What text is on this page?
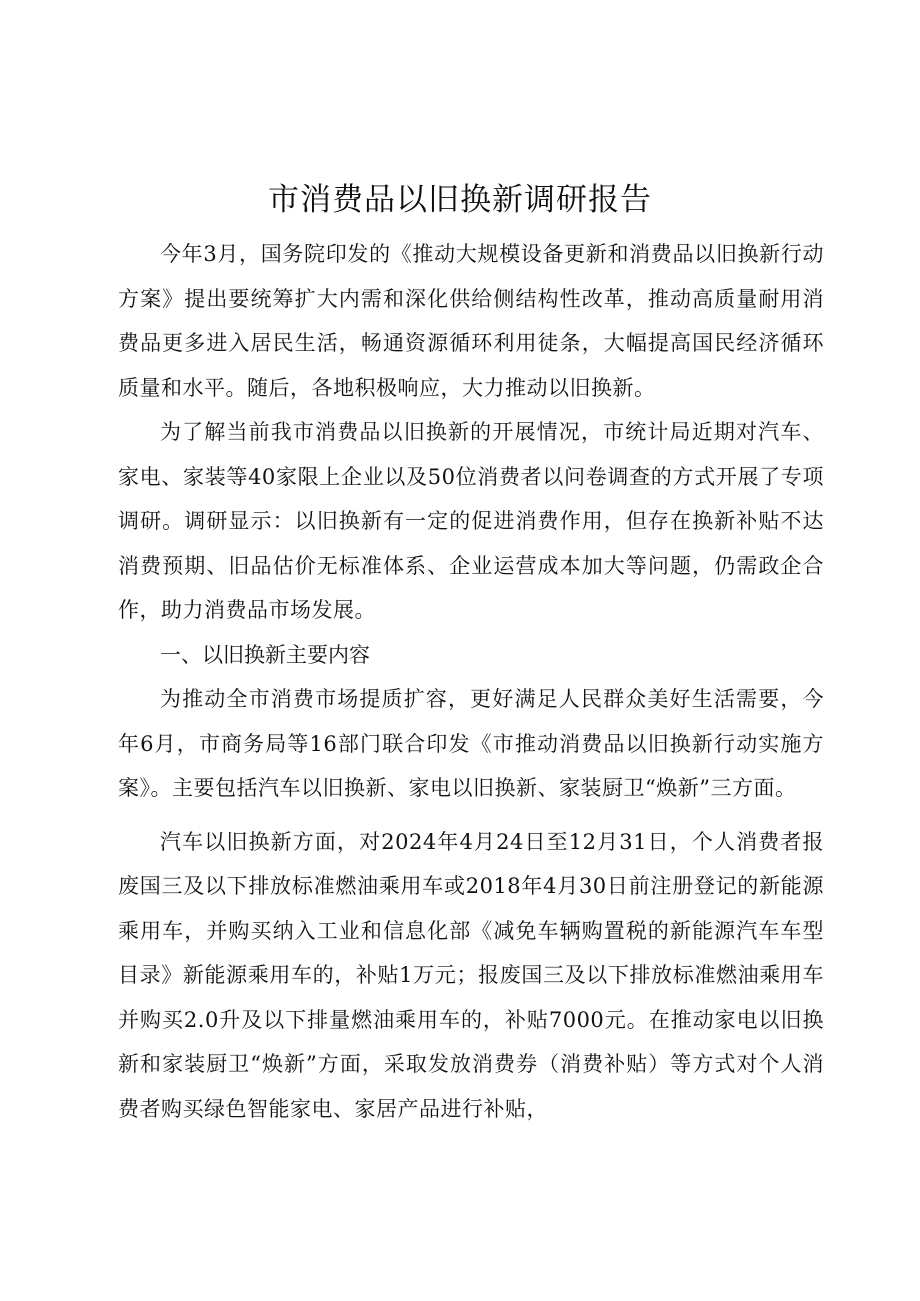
市消费品以旧换新调研报告

今年3月，国务院印发的《推动大规模设备更新和消费品以旧换新行动方案》提出要统筹扩大内需和深化供给侧结构性改革，推动高质量耐用消费品更多进入居民生活，畅通资源循环利用徒条，大幅提高国民经济循环质量和水平。随后，各地积极响应，大力推动以旧换新。

为了解当前我市消费品以旧换新的开展情况，市统计局近期对汽车、家电、家装等40家限上企业以及50位消费者以问卷调查的方式开展了专项调研。调研显示：以旧换新有一定的促进消费作用，但存在换新补贴不达消费预期、旧品估价无标准体系、企业运营成本加大等问题，仍需政企合作，助力消费品市场发展。

一、以旧换新主要内容

为推动全市消费市场提质扩容，更好满足人民群众美好生活需要，今年6月，市商务局等16部门联合印发《市推动消费品以旧换新行动实施方案》。主要包括汽车以旧换新、家电以旧换新、家装厨卫“焕新”三方面。

汽车以旧换新方面，对2024年4月24日至12月31日，个人消费者报废国三及以下排放标准燃油乘用车或2018年4月30日前注册登记的新能源乘用车，并购买纳入工业和信息化部《减免车辆购置税的新能源汽车车型目录》新能源乘用车的，补贴1万元；报废国三及以下排放标准燃油乘用车并购买2.0升及以下排量燃油乘用车的，补贴7000元。在推动家电以旧换新和家装厨卫“焕新”方面，采取发放消费券（消费补贴）等方式对个人消费者购买绿色智能家电、家居产品进行补贴，
